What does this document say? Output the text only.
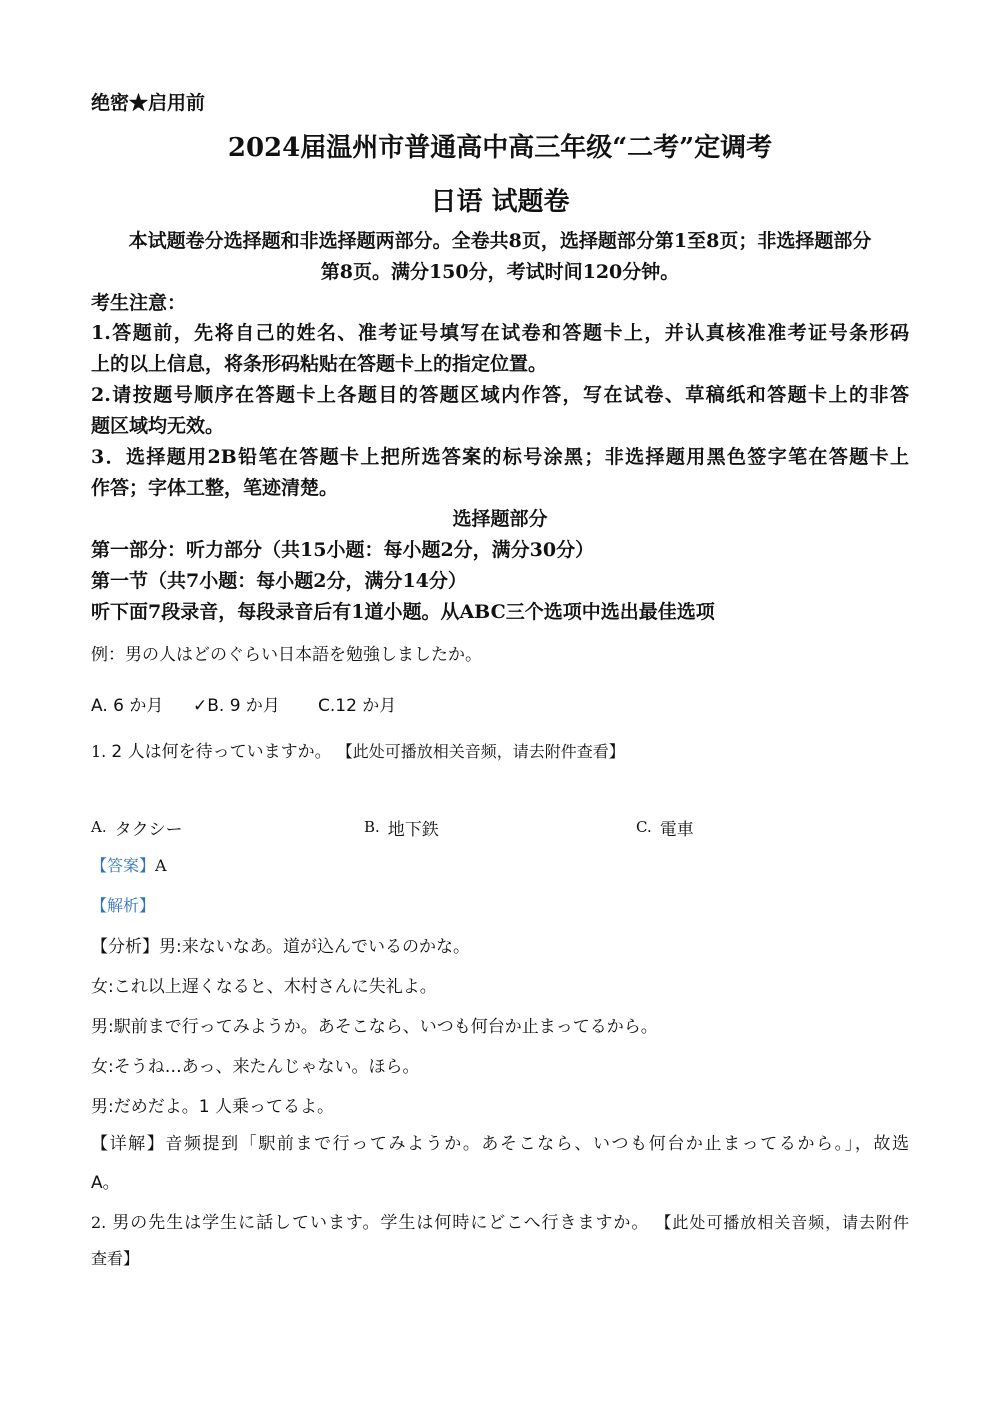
绝密★启用前
2024届温州市普通高中高三年级“二考”定调考
日语 试题卷
本试题卷分选择题和非选择题两部分。全卷共8页，选择题部分第1至8页；非选择题部分
第8页。满分150分，考试时间120分钟。
考生注意：
1.答题前，先将自己的姓名、准考证号填写在试卷和答题卡上，并认真核准准考证号条形码
上的以上信息，将条形码粘贴在答题卡上的指定位置。
2.请按题号顺序在答题卡上各题目的答题区域内作答，写在试卷、草稿纸和答题卡上的非答
题区域均无效。
3．选择题用2B铅笔在答题卡上把所选答案的标号涂黑；非选择题用黑色签字笔在答题卡上
作答；字体工整，笔迹清楚。
选择题部分
第一部分：听力部分（共15小题：每小题2分，满分30分）
第一节（共7小题：每小题2分，满分14分）
听下面7段录音，每段录音后有1道小题。从ABC三个选项中选出最佳选项
例：男の人はどのぐらい日本語を勉強しましたか。
A. 6 か月 ✓B. 9 か月 C.12 か月
1. 2 人は何を待っていますか。 【此处可播放相关音频，请去附件查看】
A. タクシー	B. 地下鉄	C. 電車
【答案】A
【解析】
【分析】男:来ないなあ。道が込んでいるのかな。
女:これ以上遅くなると、木村さんに失礼よ。
男:駅前まで行ってみようか。あそこなら、いつも何台か止まってるから。
女:そうね…あっ、来たんじゃない。ほら。
男:だめだよ。1 人乗ってるよ。
【详解】音频提到「駅前まで行ってみようか。あそこなら、いつも何台か止まってるから。」，故选
A。
2. 男の先生は学生に話しています。学生は何時にどこへ行きますか。 【此处可播放相关音频，请去附件
查看】
